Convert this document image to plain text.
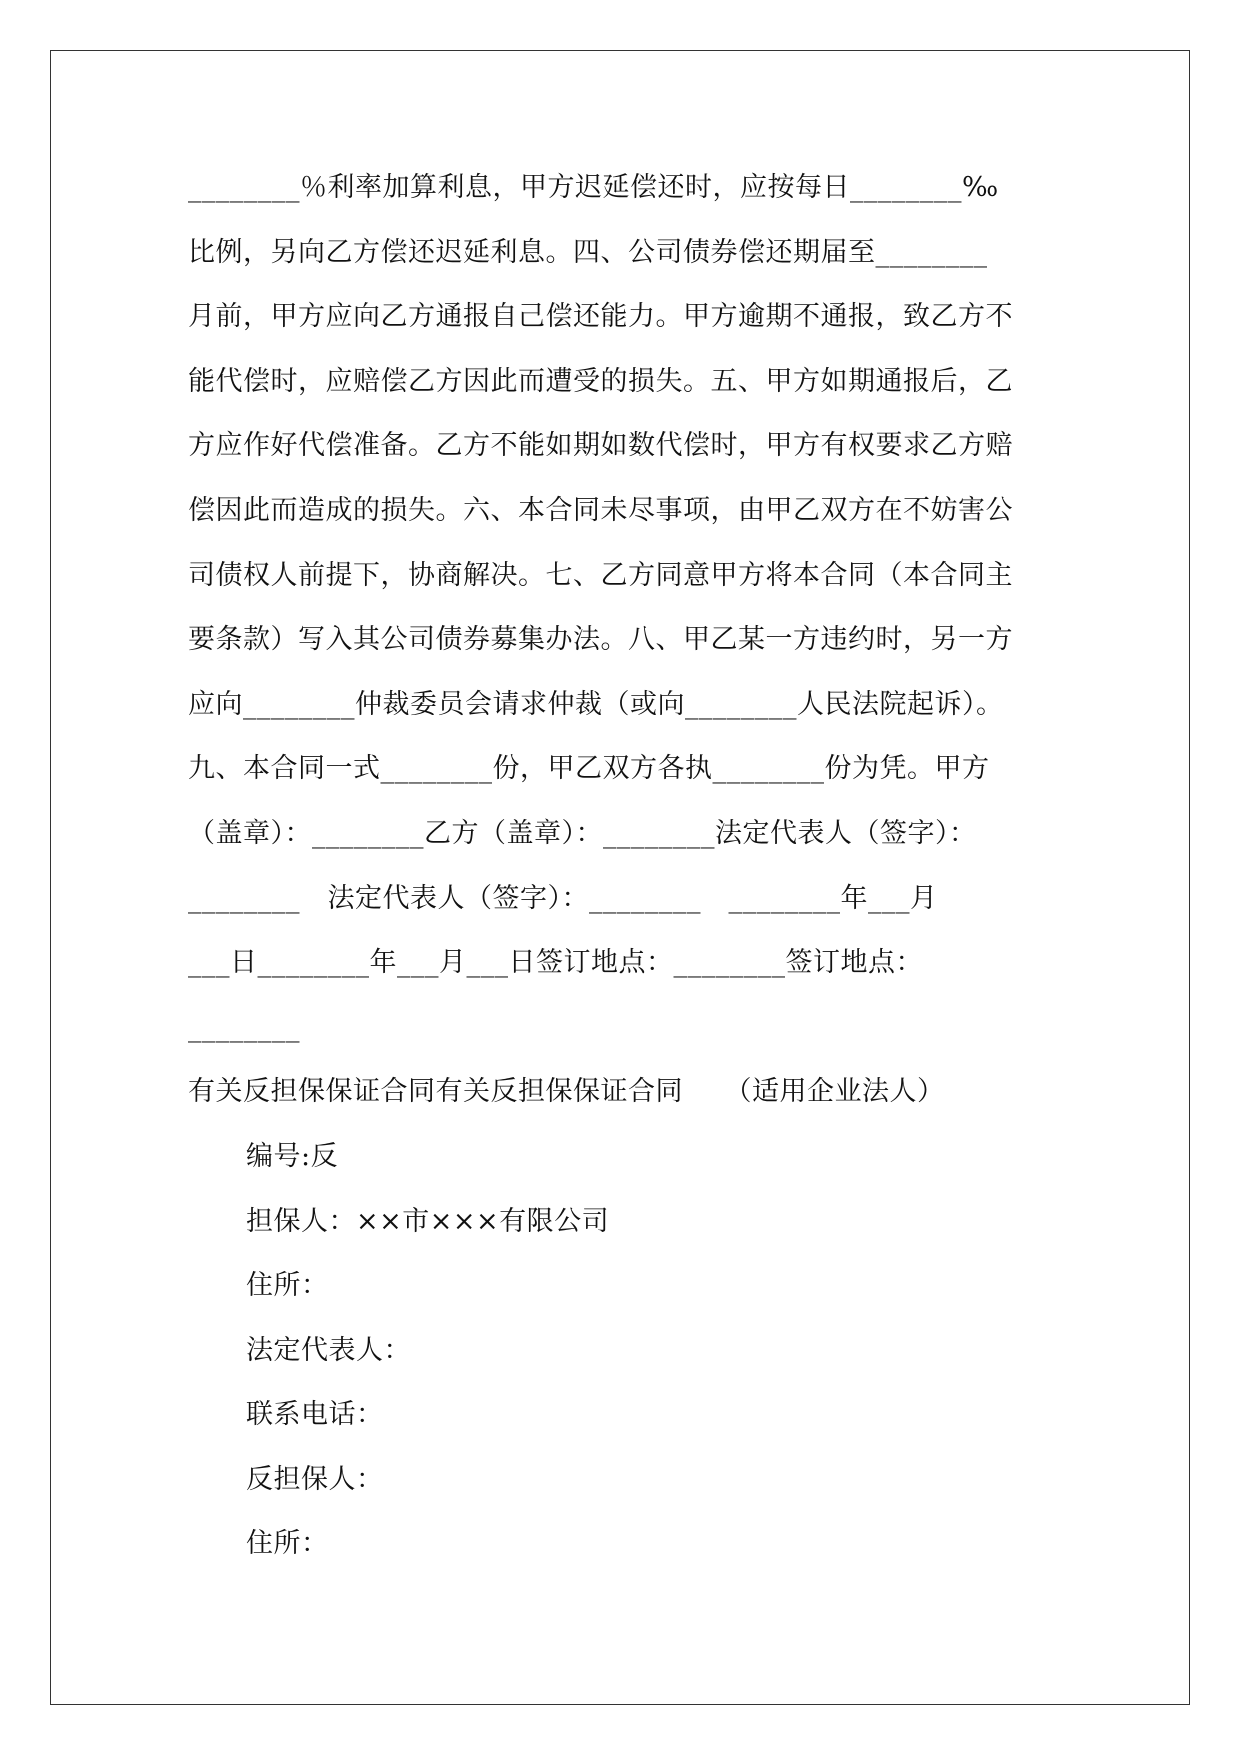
________％利率加算利息，甲方迟延偿还时，应按每日________‰
比例，另向乙方偿还迟延利息。四、公司债券偿还期届至________
月前，甲方应向乙方通报自己偿还能力。甲方逾期不通报，致乙方不
能代偿时，应赔偿乙方因此而遭受的损失。五、甲方如期通报后，乙
方应作好代偿准备。乙方不能如期如数代偿时，甲方有权要求乙方赔
偿因此而造成的损失。六、本合同未尽事项，由甲乙双方在不妨害公
司债权人前提下，协商解决。七、乙方同意甲方将本合同（本合同主
要条款）写入其公司债券募集办法。八、甲乙某一方违约时，另一方
应向________仲裁委员会请求仲裁（或向________人民法院起诉）。
九、本合同一式________份，甲乙双方各执________份为凭。甲方
（盖章）：________乙方（盖章）：________法定代表人（签字）：
________　法定代表人（签字）：________　________年___月
___日________年___月___日签订地点：________签订地点：
________
有关反担保保证合同有关反担保保证合同　　（适用企业法人）
编号:反
担保人：××市×××有限公司
住所：
法定代表人：
联系电话：
反担保人：
住所：
